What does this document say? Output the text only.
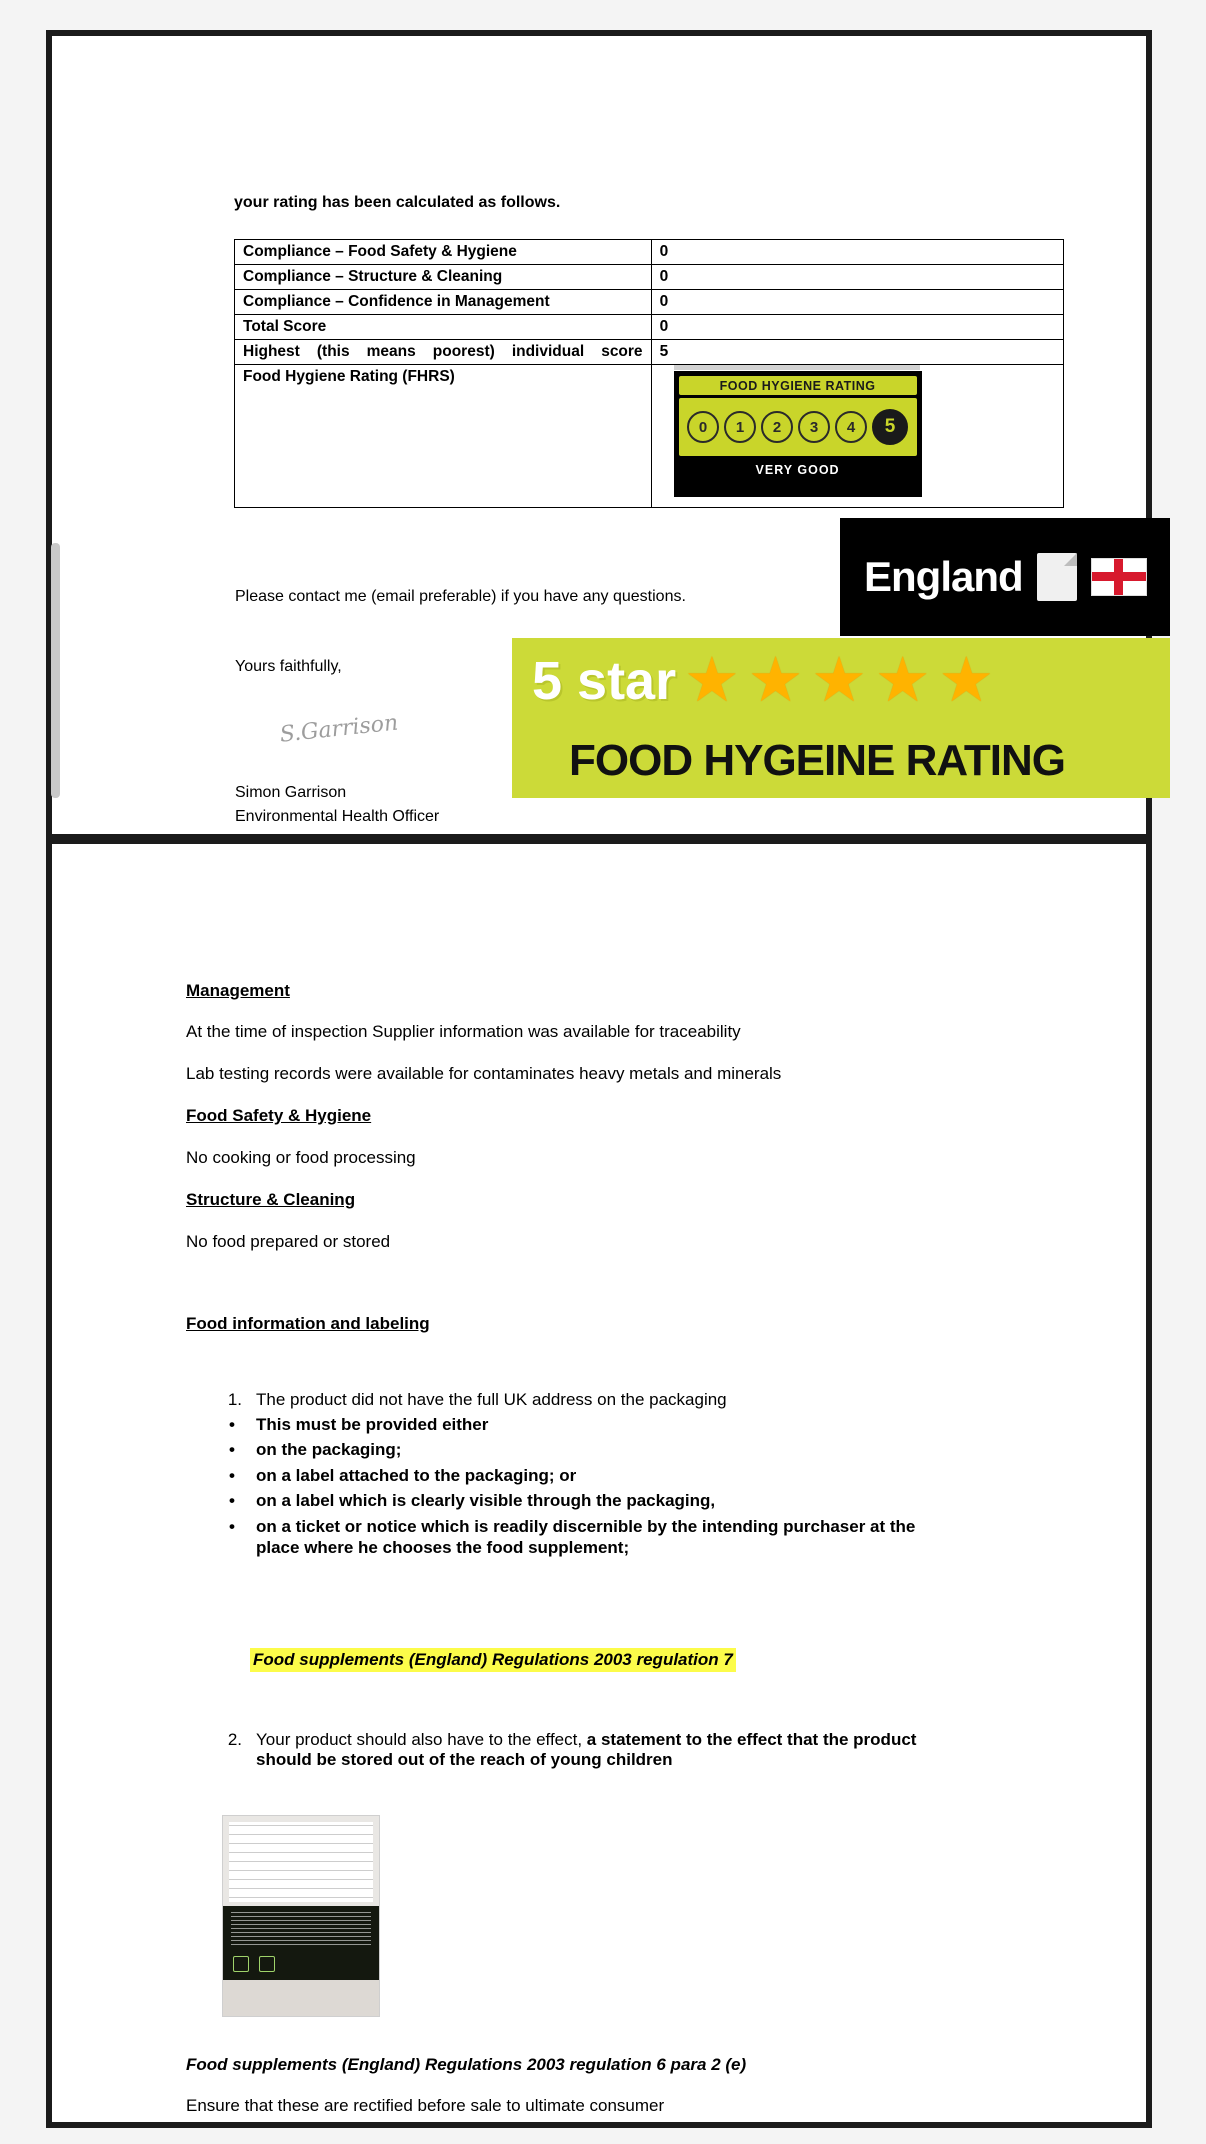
your rating has been calculated as follows.
Compliance – Food Safety & Hygiene	0
Compliance – Structure & Cleaning	0
Compliance – Confidence in Management	0
Total Score	0
Highest (this means poorest) individual score	5
Food Hygiene Rating (FHRS)	
FOOD HYGIENE RATING
0	1	2	3	4	5
VERY GOOD
Please contact me (email preferable) if you have any questions.
Yours faithfully,
S.Garrison
Simon Garrison
Environmental Health Officer
Management
At the time of inspection Supplier information was available for traceability
Lab testing records were available for contaminates heavy metals and minerals
Food Safety & Hygiene
No cooking or food processing
Structure & Cleaning
No food prepared or stored
Food information and labeling
1. The product did not have the full UK address on the packaging
•	This must be provided either
•	on the packaging;
•	on a label attached to the packaging; or
•	on a label which is clearly visible through the packaging,
•	on a ticket or notice which is readily discernible by the intending purchaser at the place where he chooses the food supplement;
Food supplements (England) Regulations 2003 regulation 7
2. Your product should also have to the effect, a statement to the effect that the product should be stored out of the reach of young children
Food supplements (England) Regulations 2003 regulation 6 para 2 (e)
Ensure that these are rectified before sale to ultimate consumer
England
5 star ★ ★ ★ ★ ★
FOOD HYGEINE RATING
